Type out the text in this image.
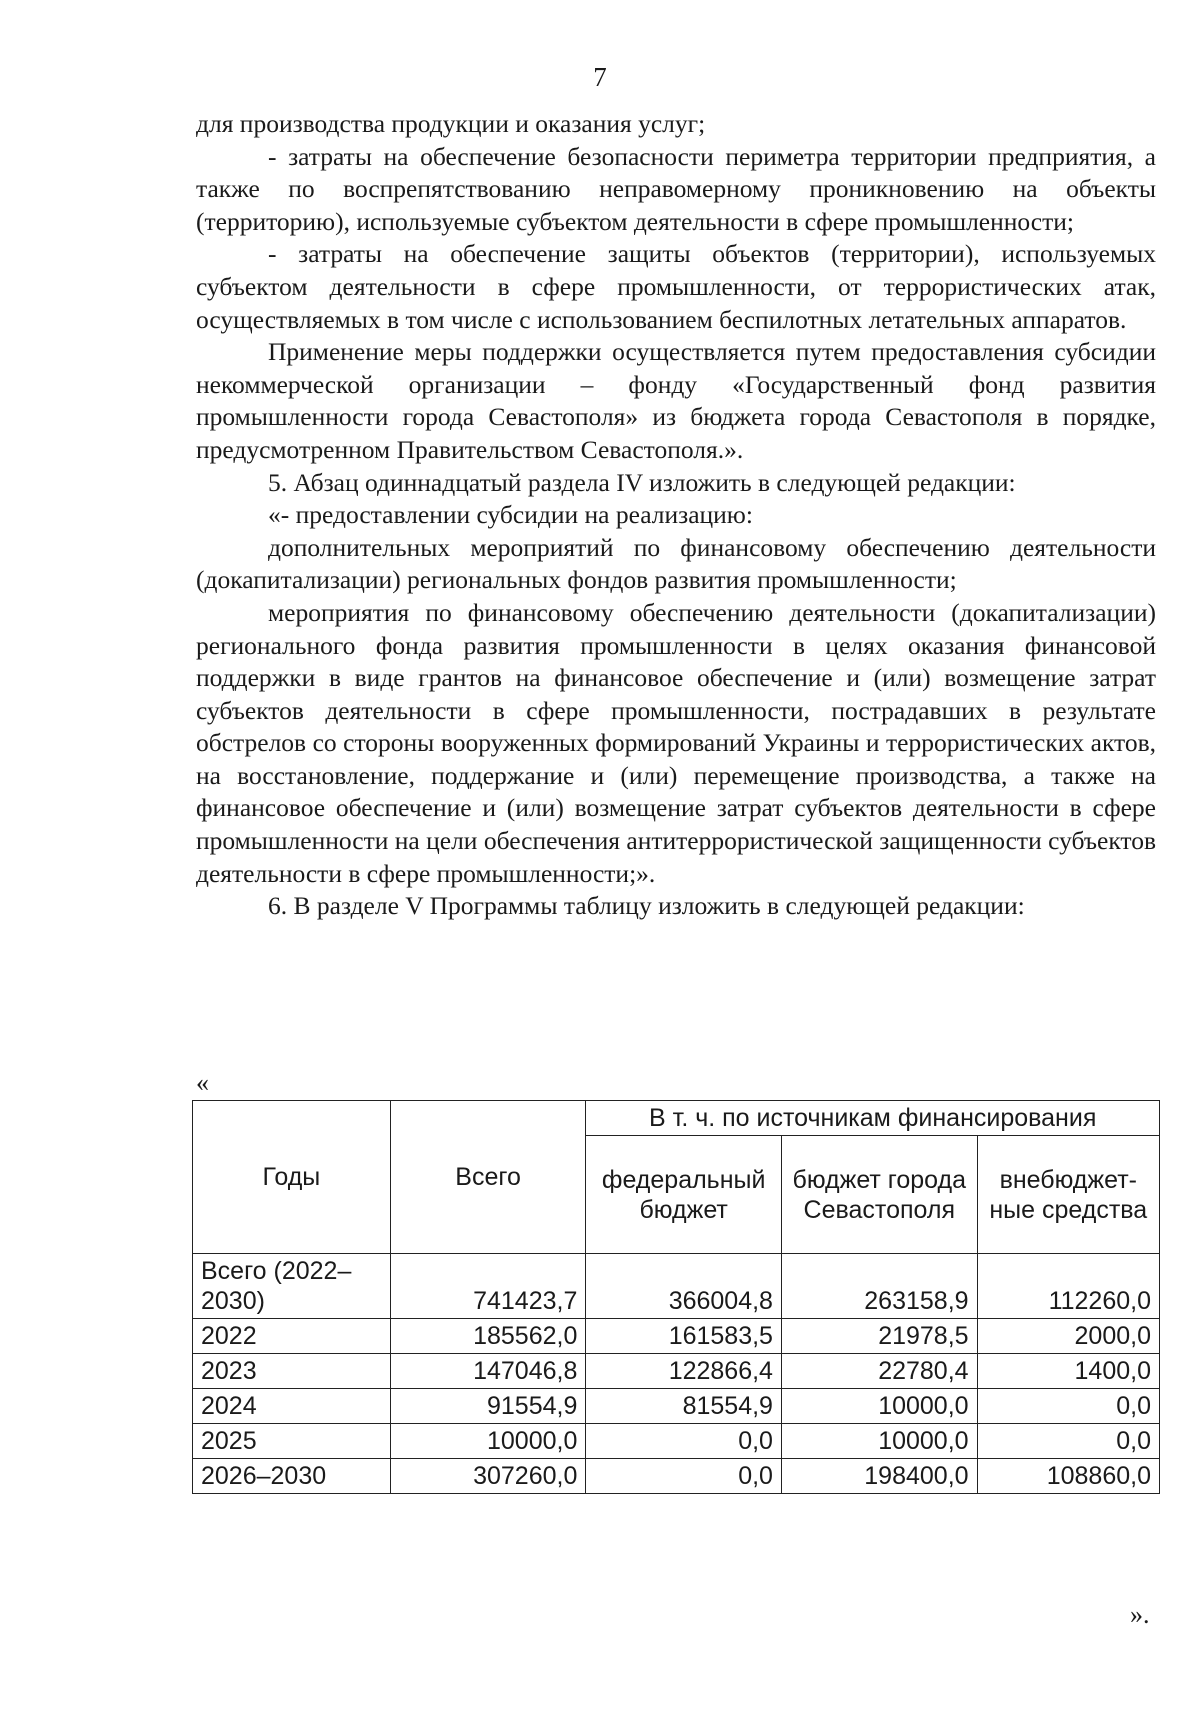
7

для производства продукции и оказания услуг;

- затраты на обеспечение безопасности периметра территории предприятия, а также по воспрепятствованию неправомерному проникновению на объекты (территорию), используемые субъектом деятельности в сфере промышленности;

- затраты на обеспечение защиты объектов (территории), используемых субъектом деятельности в сфере промышленности, от террористических атак, осуществляемых в том числе с использованием беспилотных летательных аппаратов.

Применение меры поддержки осуществляется путем предоставления субсидии некоммерческой организации – фонду «Государственный фонд развития промышленности города Севастополя» из бюджета города Севастополя в порядке, предусмотренном Правительством Севастополя.».

5. Абзац одиннадцатый раздела IV изложить в следующей редакции:

«- предоставлении субсидии на реализацию:

дополнительных мероприятий по финансовому обеспечению деятельности (докапитализации) региональных фондов развития промышленности;

мероприятия по финансовому обеспечению деятельности (докапитализации) регионального фонда развития промышленности в целях оказания финансовой поддержки в виде грантов на финансовое обеспечение и (или) возмещение затрат субъектов деятельности в сфере промышленности, пострадавших в результате обстрелов со стороны вооруженных формирований Украины и террористических актов, на восстановление, поддержание и (или) перемещение производства, а также на финансовое обеспечение и (или) возмещение затрат субъектов деятельности в сфере промышленности на цели обеспечения антитеррористической защищенности субъектов деятельности в сфере промышленности;».

6. В разделе V Программы таблицу изложить в следующей редакции:

«
Годы	Всего	В т. ч. по источникам финансирования		
		федеральный бюджет	бюджет города Севастополя	внебюджет-ные средства
Всего (2022–2030)	741423,7	366004,8	263158,9	112260,0
2022	185562,0	161583,5	21978,5	2000,0
2023	147046,8	122866,4	22780,4	1400,0
2024	91554,9	81554,9	10000,0	0,0
2025	10000,0	0,0	10000,0	0,0
2026–2030	307260,0	0,0	198400,0	108860,0
».
